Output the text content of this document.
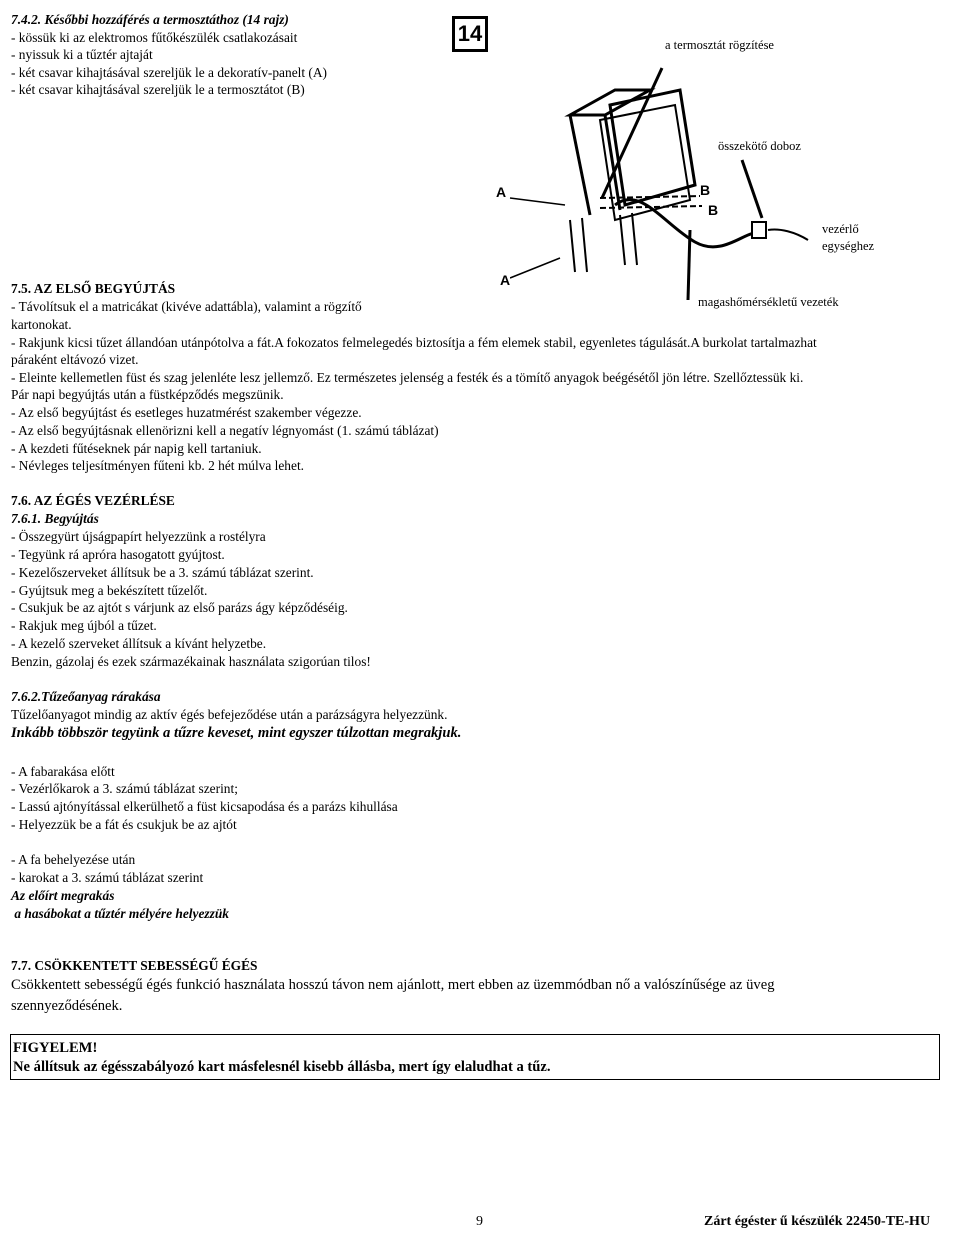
7.4.2. Későbbi hozzáférés a termosztáthoz (14 rajz)
- kössük ki az elektromos fűtőkészülék csatlakozásait
- nyissuk ki a tűztér ajtaját
- két csavar kihajtásával szereljük le a dekoratív-panelt (A)
- két csavar kihajtásával szereljük le a termosztátot (B)
14	a termosztát rögzítése
összekötő doboz
vezérlő
egységhez
magashőmérsékletű vezeték
A
A
B
B
7.5. AZ ELSŐ BEGYÚJTÁS
- Távolítsuk el a matricákat (kivéve adattábla), valamint a rögzítő
kartonokat.
- Rakjunk kicsi tűzet állandóan utánpótolva a fát.A fokozatos felmelegedés biztosítja a fém elemek stabil, egyenletes tágulását.A burkolat tartalmazhat
páraként eltávozó vizet.
- Eleinte kellemetlen füst és szag jelenléte lesz jellemző. Ez természetes jelenség a festék és a tömítő anyagok beégésétől jön létre. Szellőztessük ki.
Pár napi begyújtás után a füstképződés megszünik.
- Az első begyújtást és esetleges huzatmérést szakember végezze.
- Az első begyújtásnak ellenörizni kell a negatív légnyomást (1. számú táblázat)
- A kezdeti fűtéseknek pár napig kell tartaniuk.
- Névleges teljesítményen fűteni kb. 2 hét múlva lehet.
7.6. AZ ÉGÉS VEZÉRLÉSE
7.6.1. Begyújtás
- Összegyürt újságpapírt helyezzünk a rostélyra
- Tegyünk rá apróra hasogatott gyújtost.
- Kezelőszerveket állítsuk be a 3. számú táblázat szerint.
- Gyújtsuk meg a bekészített tűzelőt.
- Csukjuk be az ajtót s várjunk az első parázs ágy képződéséig.
- Rakjuk meg újból a tűzet.
- A kezelő szerveket állítsuk a kívánt helyzetbe.
Benzin, gázolaj és ezek származékainak használata szigorúan tilos!
7.6.2.Tűzeőanyag rárakása
Tűzelőanyagot mindig az aktív égés befejeződése után a parázságyra helyezzünk.
Inkább többször tegyünk a tűzre keveset, mint egyszer túlzottan megrakjuk.
- A fabarakása előtt
- Vezérlőkarok a 3. számú táblázat szerint;
- Lassú ajtónyítással elkerülhető a füst kicsapodása és a parázs kihullása
- Helyezzük be a fát és csukjuk be az ajtót
- A fa behelyezése után
- karokat a 3. számú táblázat szerint
Az előírt megrakás
a hasábokat a tűztér mélyére helyezzük
7.7. CSÖKKENTETT SEBESSÉGŰ ÉGÉS
Csökkentett sebességű égés funkció használata hosszú távon nem ajánlott, mert ebben az üzemmódban nő a valószínűsége az üveg
szennyeződésének.
FIGYELEM!
Ne állítsuk az égésszabályozó kart másfelesnél kisebb állásba, mert így elaludhat a tűz.
9	Zárt égéster ű készülék 22450-TE-HU
